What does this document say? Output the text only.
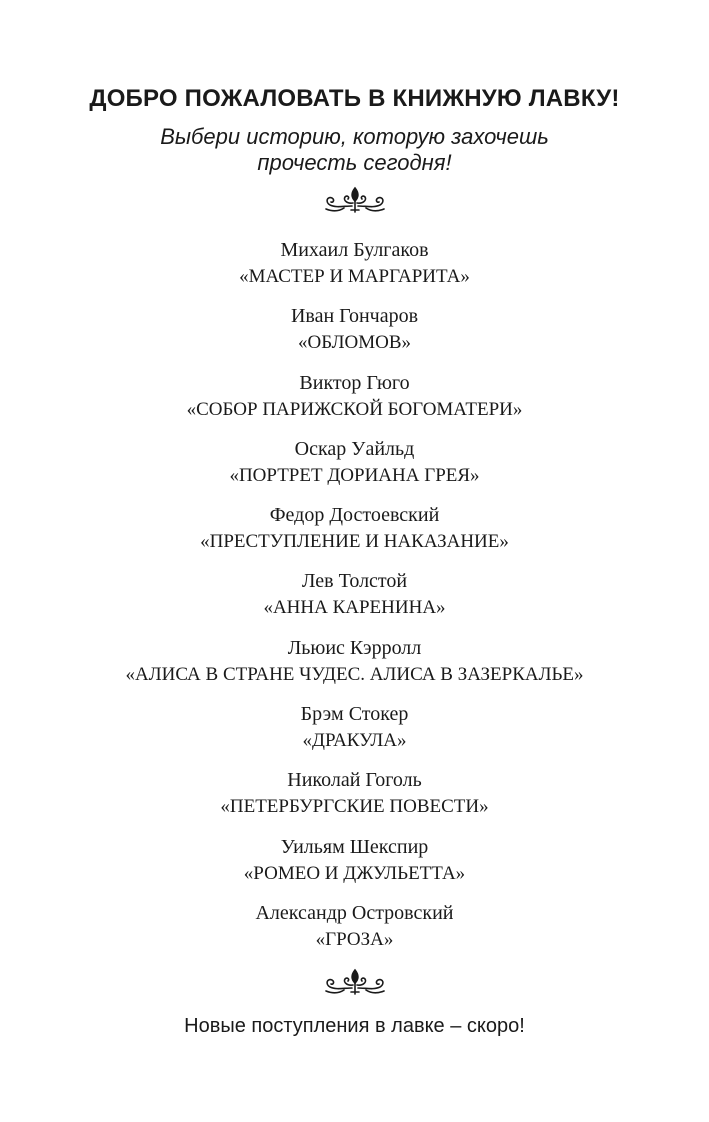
ДОБРО ПОЖАЛОВАТЬ В КНИЖНУЮ ЛАВКУ!
Выбери историю, которую захочешь
прочесть сегодня!
Михаил Булгаков
«МАСТЕР И МАРГАРИТА»
Иван Гончаров
«ОБЛОМОВ»
Виктор Гюго
«СОБОР ПАРИЖСКОЙ БОГОМАТЕРИ»
Оскар Уайльд
«ПОРТРЕТ ДОРИАНА ГРЕЯ»
Федор Достоевский
«ПРЕСТУПЛЕНИЕ И НАКАЗАНИЕ»
Лев Толстой
«АННА КАРЕНИНА»
Льюис Кэрролл
«АЛИСА В СТРАНЕ ЧУДЕС. АЛИСА В ЗАЗЕРКАЛЬЕ»
Брэм Стокер
«ДРАКУЛА»
Николай Гоголь
«ПЕТЕРБУРГСКИЕ ПОВЕСТИ»
Уильям Шекспир
«РОМЕО И ДЖУЛЬЕТТА»
Александр Островский
«ГРОЗА»
Новые поступления в лавке – скоро!
